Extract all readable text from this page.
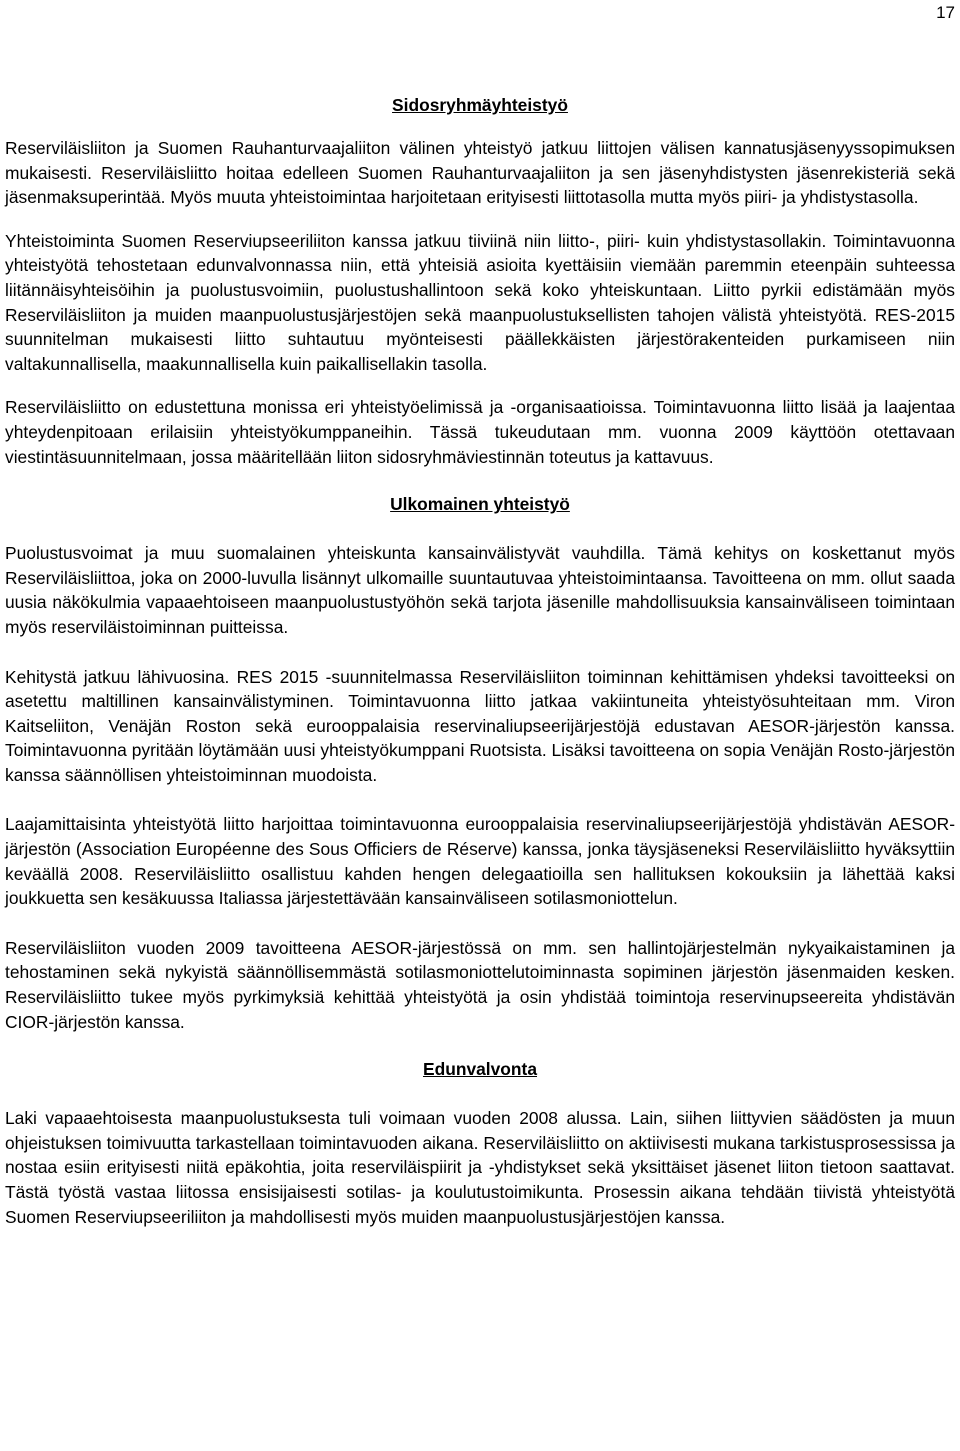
17
Sidosryhmäyhteistyö

Reserviläisliiton ja Suomen Rauhanturvaajaliiton välinen yhteistyö jatkuu liittojen välisen kannatusjäsenyyssopimuksen mukaisesti. Reserviläisliitto hoitaa edelleen Suomen Rauhanturvaajaliiton ja sen jäsenyhdistysten jäsenrekisteriä sekä jäsenmaksuperintää. Myös muuta yhteistoimintaa harjoitetaan erityisesti liittotasolla mutta myös piiri- ja yhdistystasolla.

Yhteistoiminta Suomen Reserviupseeriliiton kanssa jatkuu tiiviinä niin liitto-, piiri- kuin yhdistystasollakin. Toimintavuonna yhteistyötä tehostetaan edunvalvonnassa niin, että yhteisiä asioita kyettäisiin viemään paremmin eteenpäin suhteessa liitännäisyhteisöihin ja puolustusvoimiin, puolustushallintoon sekä koko yhteiskuntaan. Liitto pyrkii edistämään myös Reserviläisliiton ja muiden maanpuolustusjärjestöjen sekä maanpuolustuksellisten tahojen välistä yhteistyötä. RES-2015 suunnitelman mukaisesti liitto suhtautuu myönteisesti päällekkäisten järjestörakenteiden purkamiseen niin valtakunnallisella, maakunnallisella kuin paikallisellakin tasolla.

Reserviläisliitto on edustettuna monissa eri yhteistyöelimissä ja -organisaatioissa. Toimintavuonna liitto lisää ja laajentaa yhteydenpitoaan erilaisiin yhteistyökumppaneihin. Tässä tukeudutaan mm. vuonna 2009 käyttöön otettavaan viestintäsuunnitelmaan, jossa määritellään liiton sidosryhmäviestinnän toteutus ja kattavuus.

Ulkomainen yhteistyö

Puolustusvoimat ja muu suomalainen yhteiskunta kansainvälistyvät vauhdilla. Tämä kehitys on koskettanut myös Reserviläisliittoa, joka on 2000-luvulla lisännyt ulkomaille suuntautuvaa yhteistoimintaansa. Tavoitteena on mm. ollut saada uusia näkökulmia vapaaehtoiseen maanpuolustustyöhön sekä tarjota jäsenille mahdollisuuksia kansainväliseen toimintaan myös reserviläistoiminnan puitteissa.

Kehitystä jatkuu lähivuosina. RES 2015 -suunnitelmassa Reserviläisliiton toiminnan kehittämisen yhdeksi tavoitteeksi on asetettu maltillinen kansainvälistyminen. Toimintavuonna liitto jatkaa vakiintuneita yhteistyösuhteitaan mm. Viron Kaitseliiton, Venäjän Roston sekä eurooppalaisia reservinaliupseerijärjestöjä edustavan AESOR-järjestön kanssa. Toimintavuonna pyritään löytämään uusi yhteistyökumppani Ruotsista. Lisäksi tavoitteena on sopia Venäjän Rosto-järjestön kanssa säännöllisen yhteistoiminnan muodoista.

Laajamittaisinta yhteistyötä liitto harjoittaa toimintavuonna eurooppalaisia reservinaliupseerijärjestöjä yhdistävän AESOR-järjestön (Association Européenne des Sous Officiers de Réserve) kanssa, jonka täysjäseneksi Reserviläisliitto hyväksyttiin keväällä 2008. Reserviläisliitto osallistuu kahden hengen delegaatioilla sen hallituksen kokouksiin ja lähettää kaksi joukkuetta sen kesäkuussa Italiassa järjestettävään kansainväliseen sotilasmoniottelun.

Reserviläisliiton vuoden 2009 tavoitteena AESOR-järjestössä on mm. sen hallintojärjestelmän nykyaikaistaminen ja tehostaminen sekä nykyistä säännöllisemmästä sotilasmoniottelutoiminnasta sopiminen järjestön jäsenmaiden kesken. Reserviläisliitto tukee myös pyrkimyksiä kehittää yhteistyötä ja osin yhdistää toimintoja reservinupseereita yhdistävän CIOR-järjestön kanssa.

Edunvalvonta

Laki vapaaehtoisesta maanpuolustuksesta tuli voimaan vuoden 2008 alussa. Lain, siihen liittyvien säädösten ja muun ohjeistuksen toimivuutta tarkastellaan toimintavuoden aikana. Reserviläisliitto on aktiivisesti mukana tarkistusprosessissa ja nostaa esiin erityisesti niitä epäkohtia, joita reserviläispiirit ja -yhdistykset sekä yksittäiset jäsenet liiton tietoon saattavat. Tästä työstä vastaa liitossa ensisijaisesti sotilas- ja koulutustoimikunta. Prosessin aikana tehdään tiivistä yhteistyötä Suomen Reserviupseeriliiton ja mahdollisesti myös muiden maanpuolustusjärjestöjen kanssa.
